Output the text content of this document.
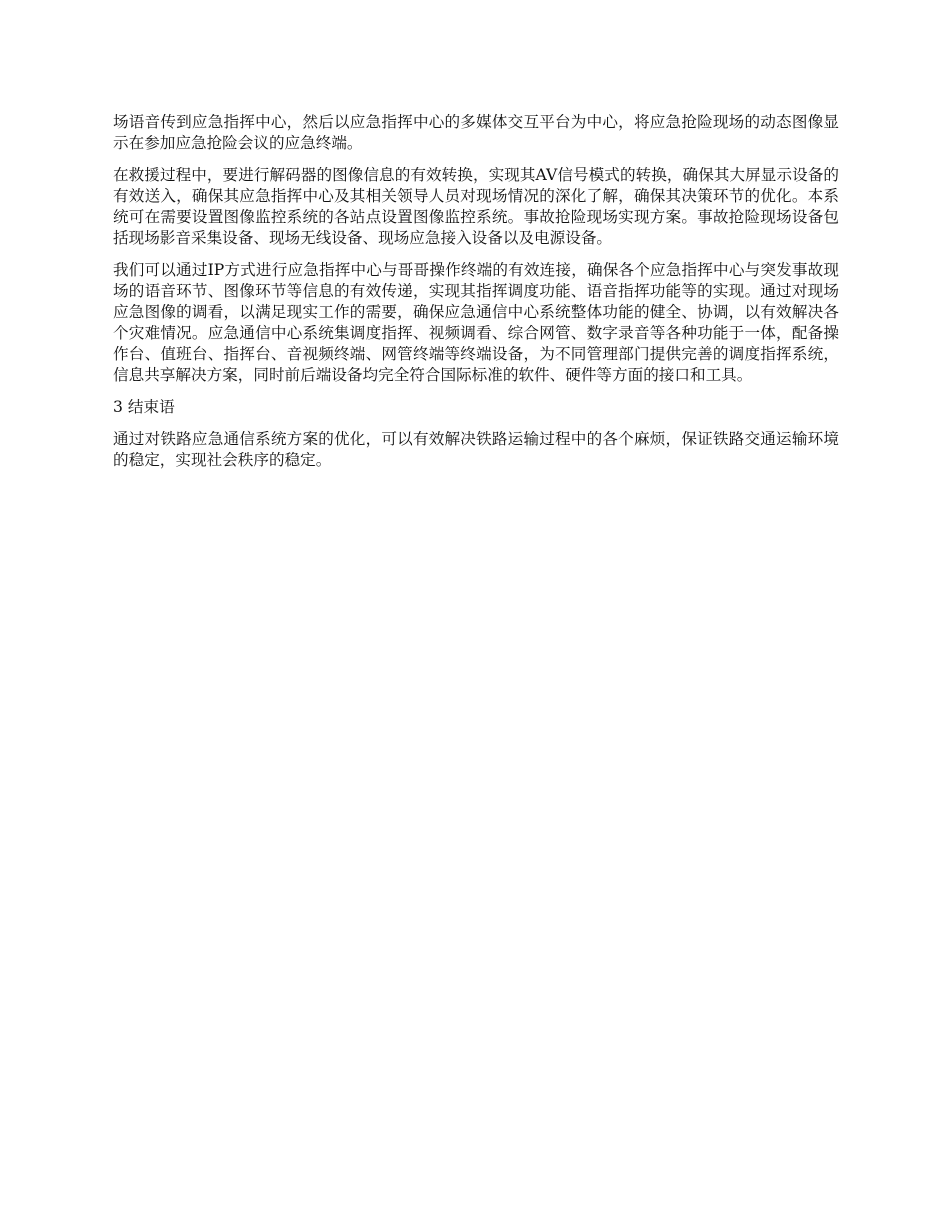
场语音传到应急指挥中心，然后以应急指挥中心的多媒体交互平台为中心，将应急抢险现场的动态图像显示在参加应急抢险会议的应急终端。

在救援过程中，要进行解码器的图像信息的有效转换，实现其AV信号模式的转换，确保其大屏显示设备的有效送入，确保其应急指挥中心及其相关领导人员对现场情况的深化了解，确保其决策环节的优化。本系统可在需要设置图像监控系统的各站点设置图像监控系统。事故抢险现场实现方案。事故抢险现场设备包括现场影音采集设备、现场无线设备、现场应急接入设备以及电源设备。

我们可以通过IP方式进行应急指挥中心与哥哥操作终端的有效连接，确保各个应急指挥中心与突发事故现场的语音环节、图像环节等信息的有效传递，实现其指挥调度功能、语音指挥功能等的实现。通过对现场应急图像的调看，以满足现实工作的需要，确保应急通信中心系统整体功能的健全、协调，以有效解决各个灾难情况。应急通信中心系统集调度指挥、视频调看、综合网管、数字录音等各种功能于一体，配备操作台、值班台、指挥台、音视频终端、网管终端等终端设备，为不同管理部门提供完善的调度指挥系统，信息共享解决方案，同时前后端设备均完全符合国际标准的软件、硬件等方面的接口和工具。

3 结束语

通过对铁路应急通信系统方案的优化，可以有效解决铁路运输过程中的各个麻烦，保证铁路交通运输环境的稳定，实现社会秩序的稳定。
